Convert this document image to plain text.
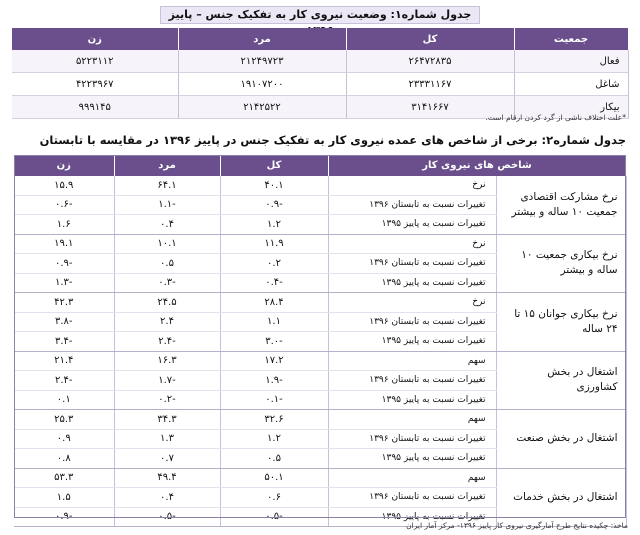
جدول شماره۱: وضعیت نیروی کار به تفکیک جنس – پاییز
جمعیت	کل	مرد	زن
فعال	۲۶۴۷۲۸۳۵	۲۱۲۴۹۷۲۳	۵۲۲۳۱۱۲
شاغل	۲۳۳۳۱۱۶۷	۱۹۱۰۷۲۰۰	۴۲۲۳۹۶۷
بیکار	۳۱۴۱۶۶۷	۲۱۴۲۵۲۲	۹۹۹۱۴۵
*علت اختلاف ناشی از گرد کردن ارقام است.
جدول شماره۲: برخی از شاخص های عمده نیروی کار به تفکیک جنس در پاییز ۱۳۹۶ در مقایسه با تابستان
شاخص های نیروی کار		کل	مرد	زن
نرخ مشارکت اقتصادی جمعیت ۱۰ ساله و بیشتر	نرخ	۴۰.۱	۶۴.۱	۱۵.۹
	تغییرات نسبت به تابستان ۱۳۹۶	-۰.۹	-۱.۱	-۰.۶
	تغییرات نسبت به پاییز ۱۳۹۵	۱.۲	۰.۴	۱.۶
نرخ بیکاری جمعیت ۱۰ ساله و بیشتر	نرخ	۱۱.۹	۱۰.۱	۱۹.۱
	تغییرات نسبت به تابستان ۱۳۹۶	۰.۲	۰.۵	-۰.۹
	تغییرات نسبت به پاییز ۱۳۹۵	-۰.۴	-۰.۳	-۱.۳
نرخ بیکاری جوانان ۱۵ تا ۲۴ ساله	نرخ	۲۸.۴	۲۴.۵	۴۲.۳
	تغییرات نسبت به تابستان ۱۳۹۶	۱.۱	۲.۴	-۳.۸
	تغییرات نسبت به پاییز ۱۳۹۵	-۳.۰	-۲.۴	-۳.۴
اشتغال در بخش کشاورزی	سهم	۱۷.۲	۱۶.۳	۲۱.۴
	تغییرات نسبت به تابستان ۱۳۹۶	-۱.۹	-۱.۷	-۲.۴
	تغییرات نسبت به پاییز ۱۳۹۵	-۰.۱	-۰.۲	۰.۱
اشتغال در بخش صنعت	سهم	۳۲.۶	۳۴.۳	۲۵.۳
	تغییرات نسبت به تابستان ۱۳۹۶	۱.۲	۱.۳	۰.۹
	تغییرات نسبت به پاییز ۱۳۹۵	۰.۵	۰.۷	۰.۸
اشتغال در بخش خدمات	سهم	۵۰.۱	۴۹.۴	۵۳.۳
	تغییرات نسبت به تابستان ۱۳۹۶	۰.۶	۰.۴	۱.۵
	تغییرات نسبت به پاییز ۱۳۹۵	-۰.۵	-۰.۵	-۰.۹
ماخذ: چکیده نتایج طرح آمارگیری نیروی کار پاییز ۱۳۹۶- مرکز آمار ایران
